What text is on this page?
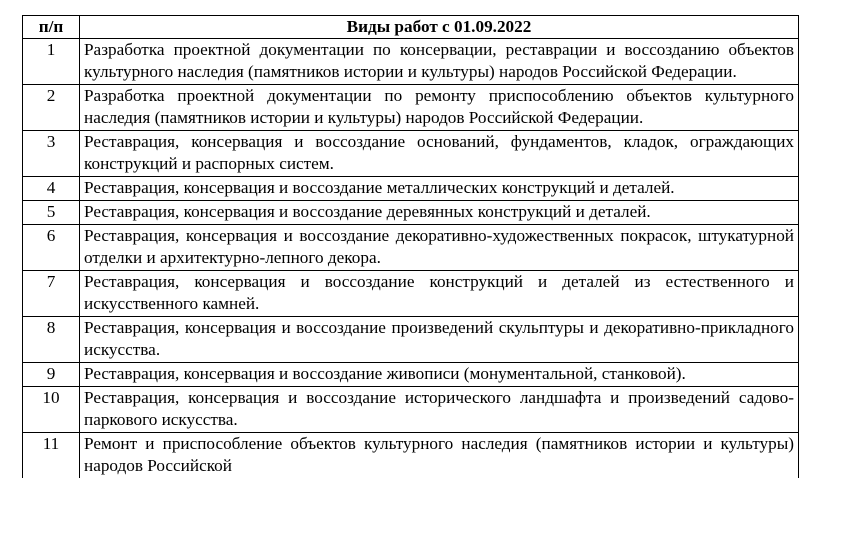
п/п	Виды работ с 01.09.2022
1	Разработка проектной документации по консервации, реставрации и воссозданию объектов культурного наследия (памятников истории и культуры) народов Российской Федерации.
2	Разработка проектной документации по ремонту приспособлению объектов культурного наследия (памятников истории и культуры) народов Российской Федерации.
3	Реставрация, консервация и воссоздание оснований, фундаментов, кладок, ограждающих конструкций и распорных систем.
4	Реставрация, консервация и воссоздание металлических конструкций и деталей.
5	Реставрация, консервация и воссоздание деревянных конструкций и деталей.
6	Реставрация, консервация и воссоздание декоративно-художественных покрасок, штукатурной отделки и архитектурно-лепного декора.
7	Реставрация, консервация и воссоздание конструкций и деталей из естественного и искусственного камней.
8	Реставрация, консервация и воссоздание произведений скульптуры и декоративно-прикладного искусства.
9	Реставрация, консервация и воссоздание живописи (монументальной, станковой).
10	Реставрация, консервация и воссоздание исторического ландшафта и произведений садово-паркового искусства.
11	Ремонт и приспособление объектов культурного наследия (памятников истории и культуры) народов Российской
